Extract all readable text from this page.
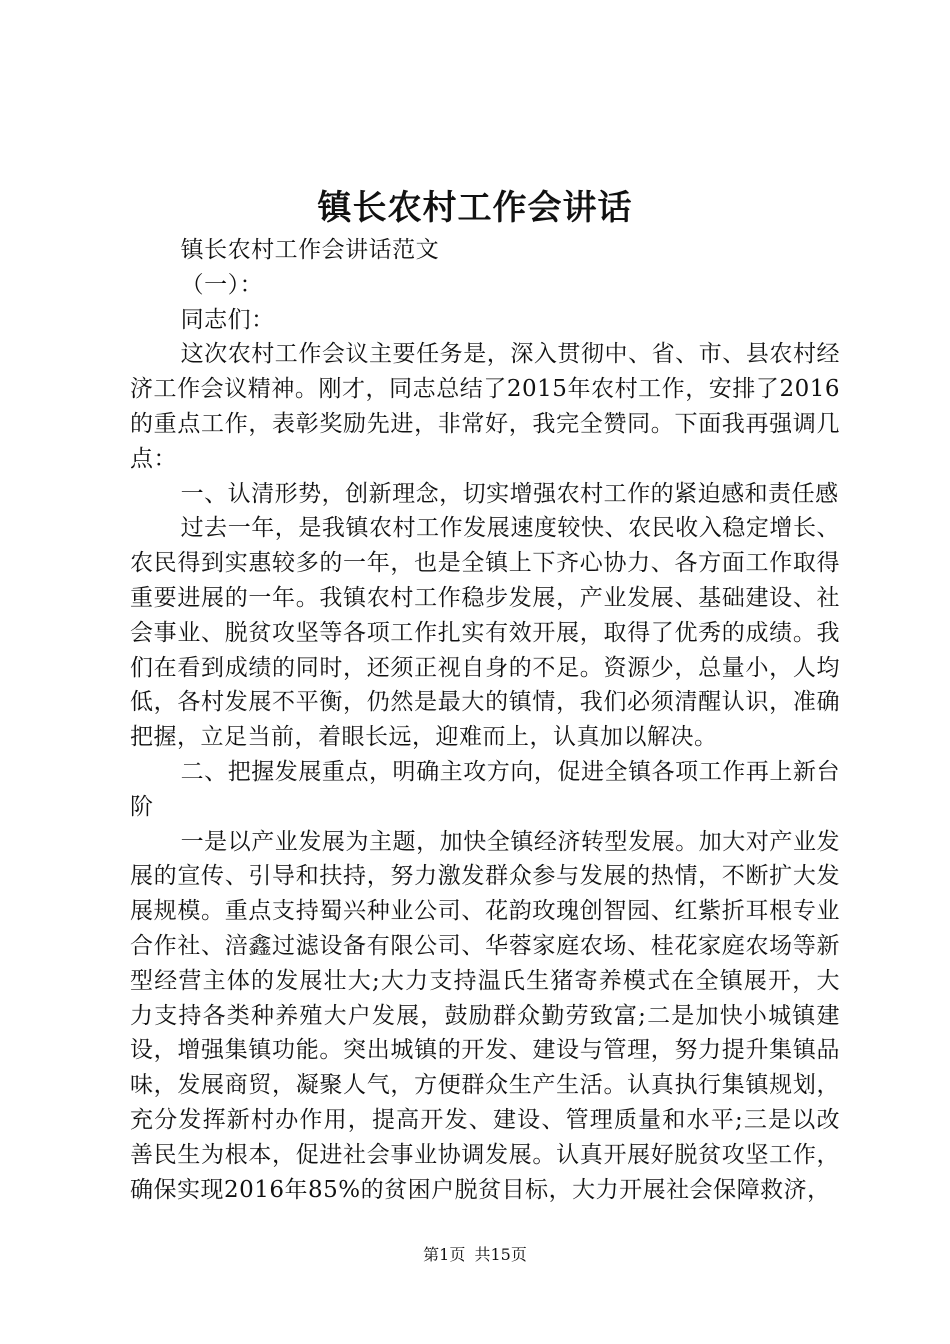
镇长农村工作会讲话

镇长农村工作会讲话范文

（一）：

同志们：

这次农村工作会议主要任务是，深入贯彻中、省、市、县农村经济工作会议精神。刚才，同志总结了2015年农村工作，安排了2016的重点工作，表彰奖励先进，非常好，我完全赞同。下面我再强调几点：

一、认清形势，创新理念，切实增强农村工作的紧迫感和责任感

过去一年，是我镇农村工作发展速度较快、农民收入稳定增长、农民得到实惠较多的一年，也是全镇上下齐心协力、各方面工作取得重要进展的一年。我镇农村工作稳步发展，产业发展、基础建设、社会事业、脱贫攻坚等各项工作扎实有效开展，取得了优秀的成绩。我们在看到成绩的同时，还须正视自身的不足。资源少，总量小，人均低，各村发展不平衡，仍然是最大的镇情，我们必须清醒认识，准确把握，立足当前，着眼长远，迎难而上，认真加以解决。

二、把握发展重点，明确主攻方向，促进全镇各项工作再上新台阶

一是以产业发展为主题，加快全镇经济转型发展。加大对产业发展的宣传、引导和扶持，努力激发群众参与发展的热情，不断扩大发展规模。重点支持蜀兴种业公司、花韵玫瑰创智园、红紫折耳根专业合作社、涪鑫过滤设备有限公司、华蓉家庭农场、桂花家庭农场等新型经营主体的发展壮大;大力支持温氏生猪寄养模式在全镇展开，大力支持各类种养殖大户发展，鼓励群众勤劳致富;二是加快小城镇建设，增强集镇功能。突出城镇的开发、建设与管理，努力提升集镇品味，发展商贸，凝聚人气，方便群众生产生活。认真执行集镇规划，充分发挥新村办作用，提高开发、建设、管理质量和水平;三是以改善民生为根本，促进社会事业协调发展。认真开展好脱贫攻坚工作，确保实现2016年85%的贫困户脱贫目标，大力开展社会保障救济，

第1页 共15页
